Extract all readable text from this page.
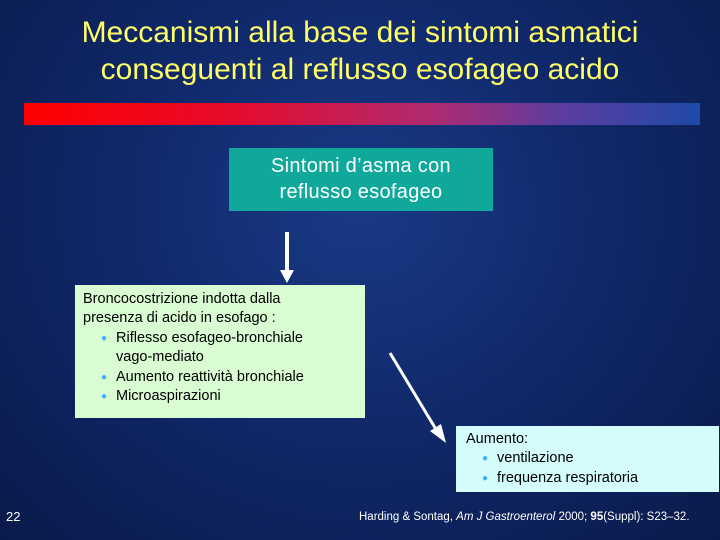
Meccanismi alla base dei sintomi asmatici
conseguenti al reflusso esofageo acido
Sintomi d’asma con
reflusso esofageo
Broncocostrizione indotta dalla
presenza di acido in esofago :
● Riflesso esofageo-bronchiale
vago-mediato
● Aumento reattività bronchiale
● Microaspirazioni
Aumento:
● ventilazione
● frequenza respiratoria
22	Harding & Sontag, Am J Gastroenterol 2000; 95(Suppl): S23–32.
